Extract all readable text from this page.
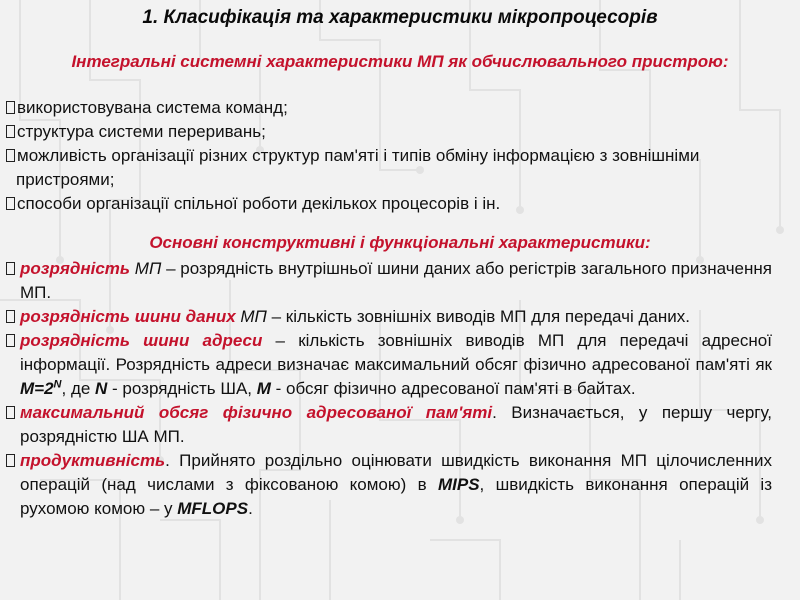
1. Класифікація та характеристики мікропроцесорів
Інтегральні системні характеристики МП як обчислювального пристрою:
використовувана система команд;
структура системи переривань;
можливість організації різних структур пам'яті і типів обміну інформацією з зовнішніми пристроями;
способи організації спільної роботи декількох процесорів і ін.
Основні конструктивні і функціональні характеристики:
розрядність МП – розрядність внутрішньої шини даних або регістрів загального призначення МП.
розрядність шини даних МП – кількість зовнішніх виводів МП для передачі даних.
розрядність шини адреси – кількість зовнішніх виводів МП для передачі адресної інформації. Розрядність адреси визначає максимальний обсяг фізично адресованої пам'яті як $M=2^N$, де N - розрядність ША, M - обсяг фізично адресованої пам'яті в байтах.
максимальний обсяг фізично адресованої пам'яті. Визначається, у першу чергу, розрядністю ША МП.
продуктивність. Прийнято роздільно оцінювати швидкість виконання МП цілочисленних операцій (над числами з фіксованою комою) в MIPS, швидкість виконання операцій із рухомою комою – у MFLOPS.
